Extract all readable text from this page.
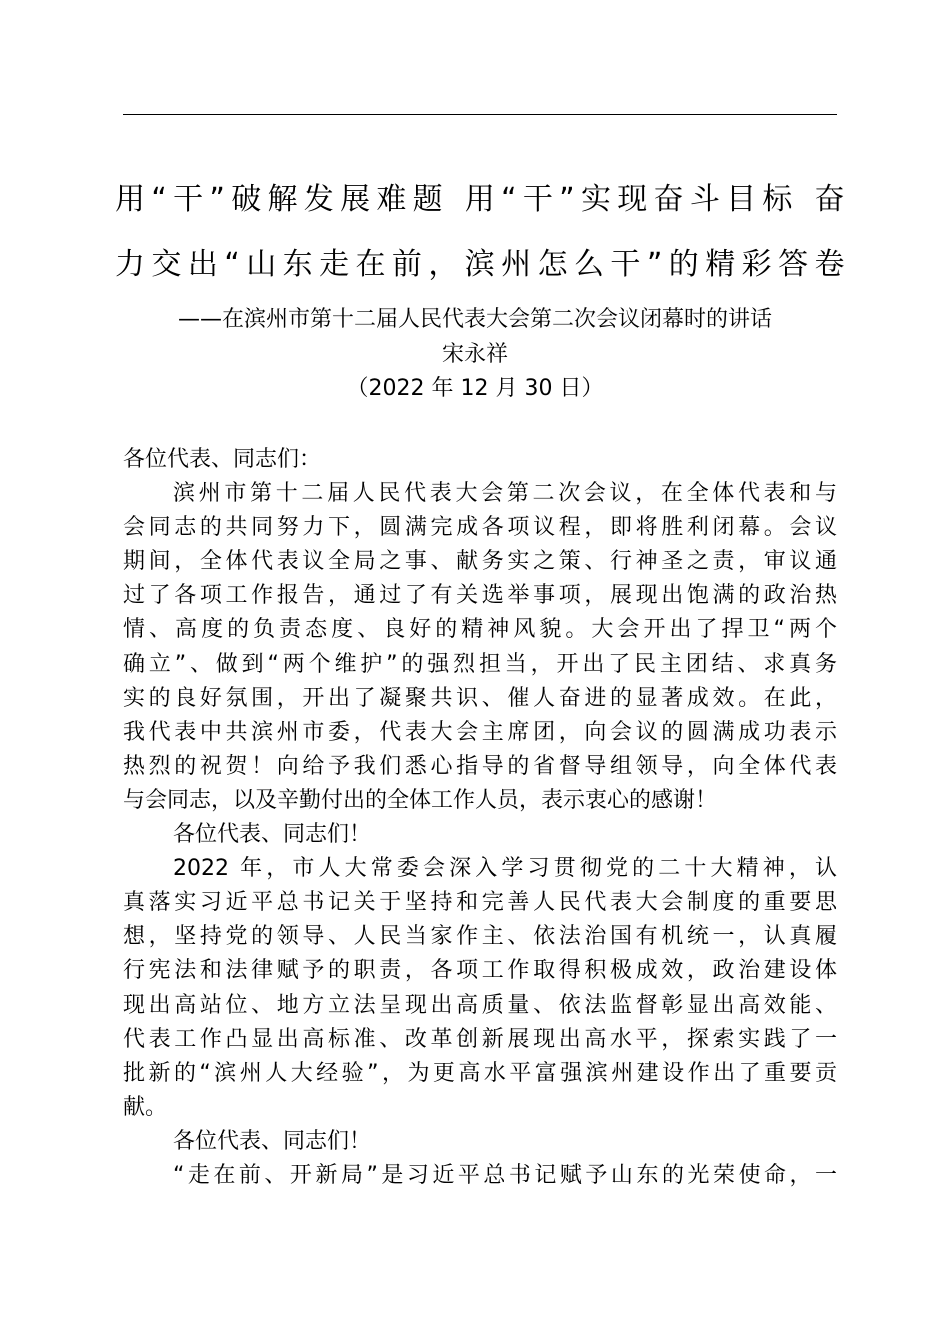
用“干”破解发展难题 用“干”实现奋斗目标 奋
力交出“山东走在前，滨州怎么干”的精彩答卷
——在滨州市第十二届人民代表大会第二次会议闭幕时的讲话
宋永祥
（2022 年 12 月 30 日）
各位代表、同志们：
滨州市第十二届人民代表大会第二次会议，在全体代表和与
会同志的共同努力下，圆满完成各项议程，即将胜利闭幕。会议
期间，全体代表议全局之事、献务实之策、行神圣之责，审议通
过了各项工作报告，通过了有关选举事项，展现出饱满的政治热
情、高度的负责态度、良好的精神风貌。大会开出了捍卫“两个
确立”、做到“两个维护”的强烈担当，开出了民主团结、求真务
实的良好氛围，开出了凝聚共识、催人奋进的显著成效。在此，
我代表中共滨州市委，代表大会主席团，向会议的圆满成功表示
热烈的祝贺！向给予我们悉心指导的省督导组领导，向全体代表
与会同志，以及辛勤付出的全体工作人员，表示衷心的感谢！
各位代表、同志们！
2022 年，市人大常委会深入学习贯彻党的二十大精神，认
真落实习近平总书记关于坚持和完善人民代表大会制度的重要思
想，坚持党的领导、人民当家作主、依法治国有机统一，认真履
行宪法和法律赋予的职责，各项工作取得积极成效，政治建设体
现出高站位、地方立法呈现出高质量、依法监督彰显出高效能、
代表工作凸显出高标准、改革创新展现出高水平，探索实践了一
批新的“滨州人大经验”，为更高水平富强滨州建设作出了重要贡
献。
各位代表、同志们！
“走在前、开新局”是习近平总书记赋予山东的光荣使命，一
